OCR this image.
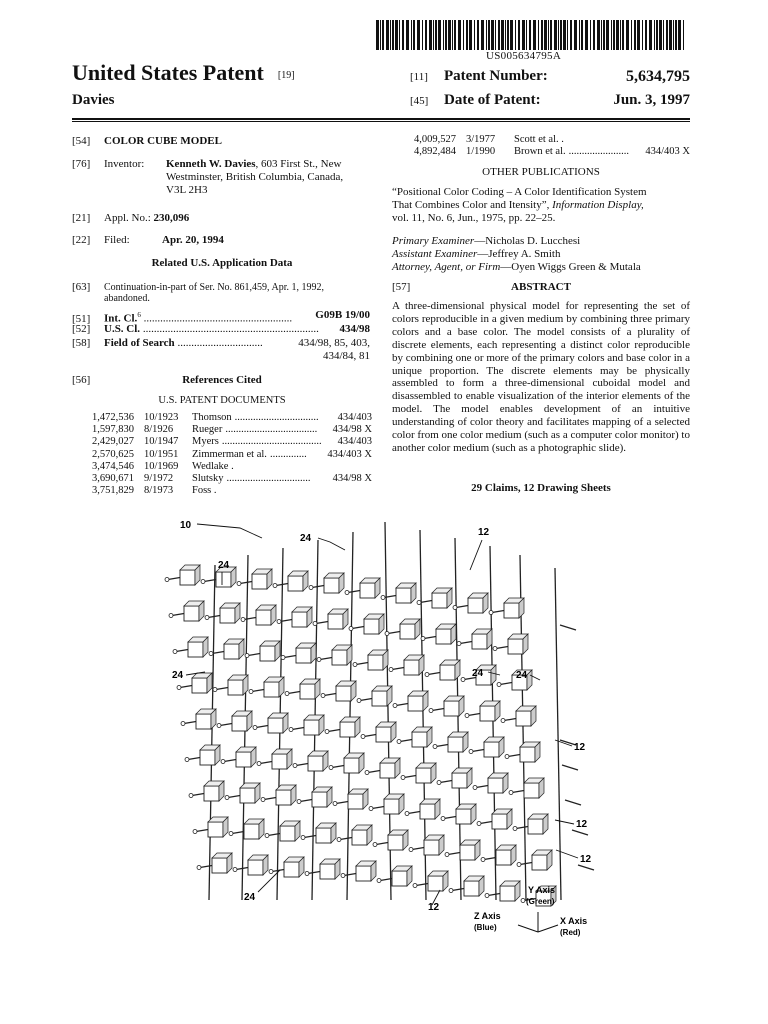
US005634795A
United States Patent [19]
Davies
[11] Patent Number:	5,634,795
[45] Date of Patent:	Jun. 3, 1997
[54] COLOR CUBE MODEL
[76] Inventor: Kenneth W. Davies, 603 First St., New
Westminster, British Columbia, Canada,
V3L 2H3
[21] Appl. No.: 230,096
[22] Filed:	Apr. 20, 1994
Related U.S. Application Data
[63] Continuation-in-part of Ser. No. 861,459, Apr. 1, 1992,
abandoned.
[51] Int. Cl.$^6$ ......................................................	G09B 19/00
[52] U.S. Cl. ................................................................	434/98
[58] Field of Search ...............................	434/98, 85, 403,
434/84, 81
[56]	References Cited
U.S. PATENT DOCUMENTS
1,472,536 10/1923	Thomson ................................	434/403
1,597,830 8/1926	Rueger ...................................	434/98 X
2,429,027 10/1947	Myers ......................................	434/403
2,570,625 10/1951	Zimmerman et al. ..............	434/403 X
3,474,546 10/1969	Wedlake .
3,690,671 9/1972	Slutsky ................................	434/98 X
3,751,829 8/1973	Foss .
4,009,527 3/1977	Scott et al. .
4,892,484 1/1990	Brown et al. .......................	434/403 X
OTHER PUBLICATIONS
“Positional Color Coding – A Color Identification System
That Combines Color and Itensity”, Information Display,
vol. 11, No. 6, Jun., 1975, pp. 22–25.
Primary Examiner—Nicholas D. Lucchesi
Assistant Examiner—Jeffrey A. Smith
Attorney, Agent, or Firm—Oyen Wiggs Green & Mutala
[57]	ABSTRACT
A three-dimensional physical model for representing the set of colors reproducible in a given medium by combining three primary colors and a base color. The model consists of a plurality of discrete elements, each representing a distinct color reproducible by combining one or more of the primary colors and base color in a unique proportion. The discrete elements may be physically assembled to form a three-dimensional cuboidal model and disassembled to enable visualization of the interior elements of the model. The model enables development of an intuitive understanding of color theory and facilitates mapping of a selected color from one color medium (such as a computer color monitor) to another color medium (such as a photographic slide).
29 Claims, 12 Drawing Sheets
10
24
24
12
24	24	24
12
12
12
24
12
Y Axis
(Green)
Z Axis
(Blue)
X Axis
(Red)
